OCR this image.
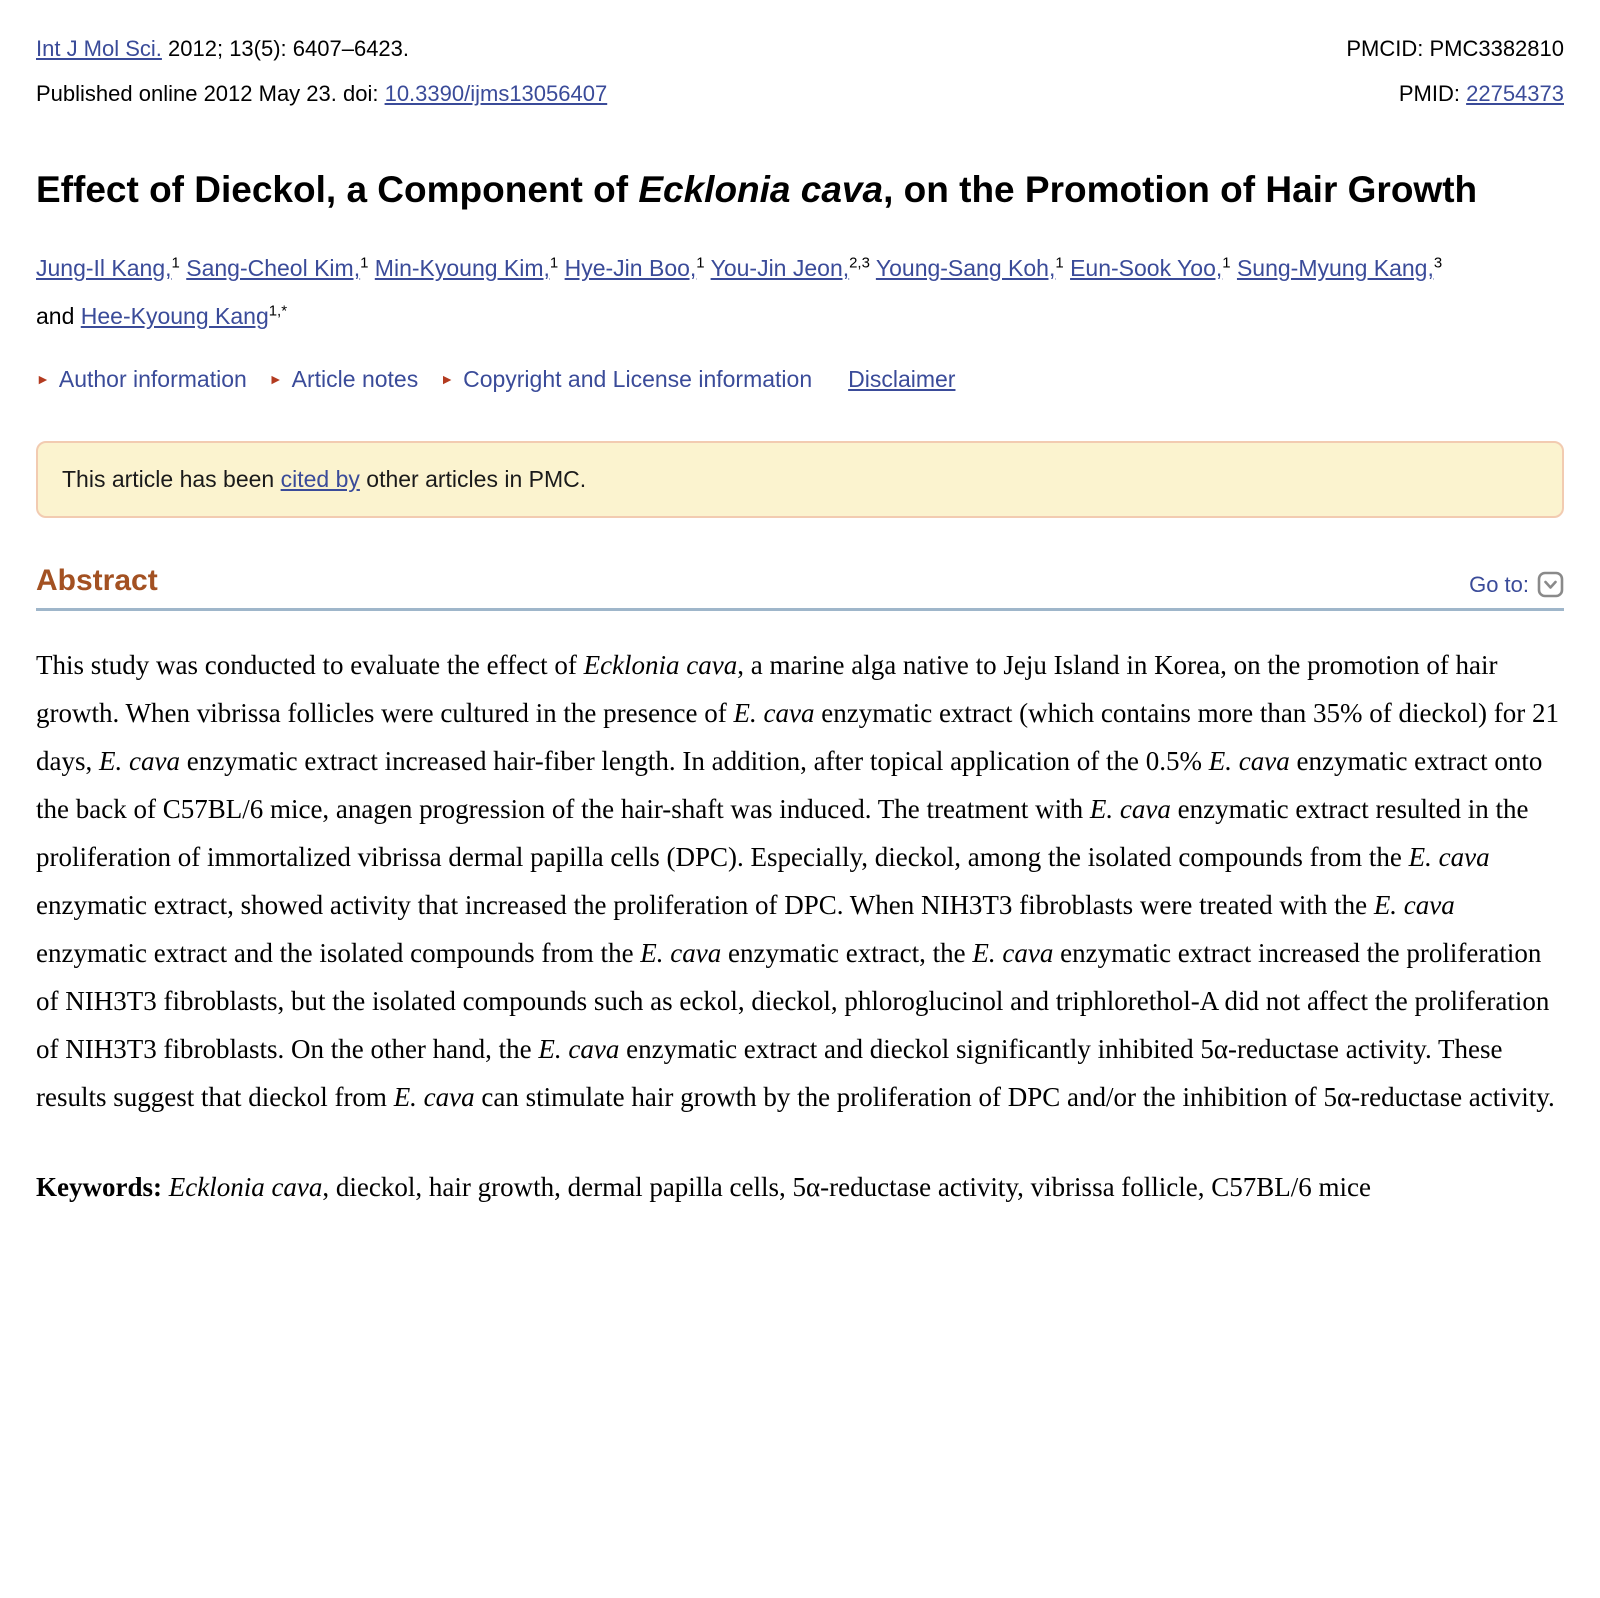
Int J Mol Sci. 2012; 13(5): 6407–6423.
Published online 2012 May 23. doi: 10.3390/ijms13056407
PMCID: PMC3382810
PMID: 22754373
Effect of Dieckol, a Component of Ecklonia cava, on the Promotion of Hair Growth
Jung-Il Kang,$^1$ Sang-Cheol Kim,$^1$ Min-Kyoung Kim,$^1$ Hye-Jin Boo,$^1$ You-Jin Jeon,$^{2,3}$ Young-Sang Koh,$^1$ Eun-Sook Yoo,$^1$ Sung-Myung Kang,$^3$ and Hee-Kyoung Kang$^{1,*}$
► Author information ► Article notes ► Copyright and License information Disclaimer
This article has been cited by other articles in PMC.
Abstract	Go to:

This study was conducted to evaluate the effect of Ecklonia cava, a marine alga native to Jeju Island in Korea, on the promotion of hair growth. When vibrissa follicles were cultured in the presence of E. cava enzymatic extract (which contains more than 35% of dieckol) for 21 days, E. cava enzymatic extract increased hair-fiber length. In addition, after topical application of the 0.5% E. cava enzymatic extract onto the back of C57BL/6 mice, anagen progression of the hair-shaft was induced. The treatment with E. cava enzymatic extract resulted in the proliferation of immortalized vibrissa dermal papilla cells (DPC). Especially, dieckol, among the isolated compounds from the E. cava enzymatic extract, showed activity that increased the proliferation of DPC. When NIH3T3 fibroblasts were treated with the E. cava enzymatic extract and the isolated compounds from the E. cava enzymatic extract, the E. cava enzymatic extract increased the proliferation of NIH3T3 fibroblasts, but the isolated compounds such as eckol, dieckol, phloroglucinol and triphlorethol-A did not affect the proliferation of NIH3T3 fibroblasts. On the other hand, the E. cava enzymatic extract and dieckol significantly inhibited 5α-reductase activity. These results suggest that dieckol from E. cava can stimulate hair growth by the proliferation of DPC and/or the inhibition of 5α-reductase activity.

Keywords: Ecklonia cava, dieckol, hair growth, dermal papilla cells, 5α-reductase activity, vibrissa follicle, C57BL/6 mice
